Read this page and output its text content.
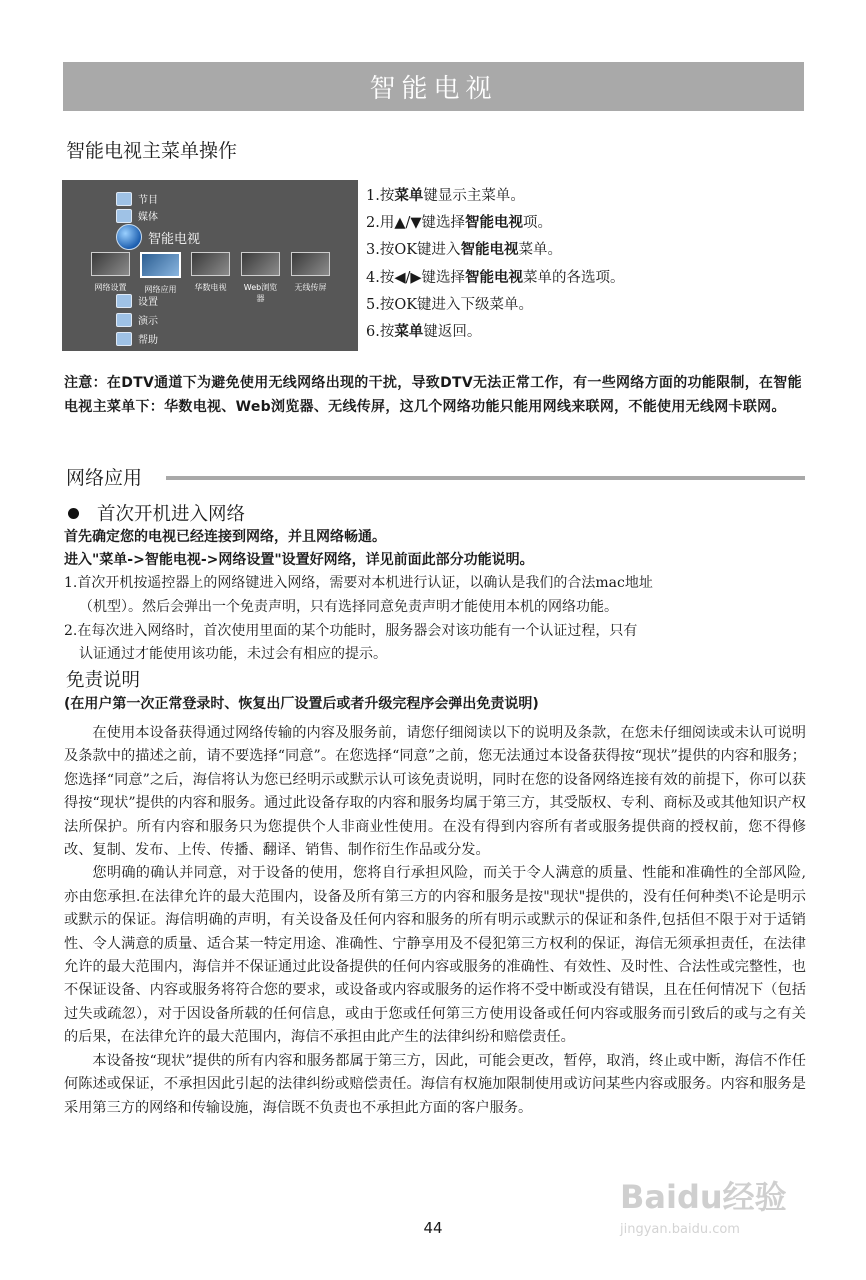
智能电视
智能电视主菜单操作
节目
媒体
智能电视
网络设置	网络应用	华数电视	Web浏览器
无线传屏
设置
演示
帮助
1.按菜单键显示主菜单。
2.用▲/▼键选择智能电视项。
3.按OK键进入智能电视菜单。
4.按◀/▶键选择智能电视菜单的各选项。
5.按OK键进入下级菜单。
6.按菜单键返回。
注意：在DTV通道下为避免使用无线网络出现的干扰，导致DTV无法正常工作，有一些网络方面的功能限制，在智能电视主菜单下：华数电视、Web浏览器、无线传屏，这几个网络功能只能用网线来联网，不能使用无线网卡联网。
网络应用
首次开机进入网络
首先确定您的电视已经连接到网络，并且网络畅通。
进入"菜单->智能电视->网络设置"设置好网络，详见前面此部分功能说明。
1.首次开机按遥控器上的网络键进入网络，需要对本机进行认证，以确认是我们的合法mac地址
（机型）。然后会弹出一个免责声明，只有选择同意免责声明才能使用本机的网络功能。
2.在每次进入网络时，首次使用里面的某个功能时，服务器会对该功能有一个认证过程，只有
认证通过才能使用该功能，未过会有相应的提示。
免责说明
(在用户第一次正常登录时、恢复出厂设置后或者升级完程序会弹出免责说明)

在使用本设备获得通过网络传输的内容及服务前，请您仔细阅读以下的说明及条款，在您未仔细阅读或未认可说明及条款中的描述之前，请不要选择“同意”。在您选择“同意”之前，您无法通过本设备获得按“现状”提供的内容和服务；您选择“同意”之后，海信将认为您已经明示或默示认可该免责说明，同时在您的设备网络连接有效的前提下，你可以获得按“现状”提供的内容和服务。通过此设备存取的内容和服务均属于第三方，其受版权、专利、商标及或其他知识产权法所保护。所有内容和服务只为您提供个人非商业性使用。在没有得到内容所有者或服务提供商的授权前，您不得修改、复制、发布、上传、传播、翻译、销售、制作衍生作品或分发。

您明确的确认并同意，对于设备的使用，您将自行承担风险，而关于令人满意的质量、性能和准确性的全部风险,亦由您承担.在法律允许的最大范围内，设备及所有第三方的内容和服务是按"现状"提供的，没有任何种类\不论是明示或默示的保证。海信明确的声明，有关设备及任何内容和服务的所有明示或默示的保证和条件,包括但不限于对于适销性、令人满意的质量、适合某一特定用途、准确性、宁静享用及不侵犯第三方权利的保证，海信无须承担责任，在法律允许的最大范围内，海信并不保证通过此设备提供的任何内容或服务的准确性、有效性、及时性、合法性或完整性，也不保证设备、内容或服务将符合您的要求，或设备或内容或服务的运作将不受中断或没有错误，且在任何情况下（包括过失或疏忽），对于因设备所载的任何信息，或由于您或任何第三方使用设备或任何内容或服务而引致后的或与之有关的后果，在法律允许的最大范围内，海信不承担由此产生的法律纠纷和赔偿责任。

本设备按“现状”提供的所有内容和服务都属于第三方，因此，可能会更改，暂停，取消，终止或中断，海信不作任何陈述或保证，不承担因此引起的法律纠纷或赔偿责任。海信有权施加限制使用或访问某些内容或服务。内容和服务是采用第三方的网络和传输设施，海信既不负责也不承担此方面的客户服务。

44
Baidu经验
jingyan.baidu.com
